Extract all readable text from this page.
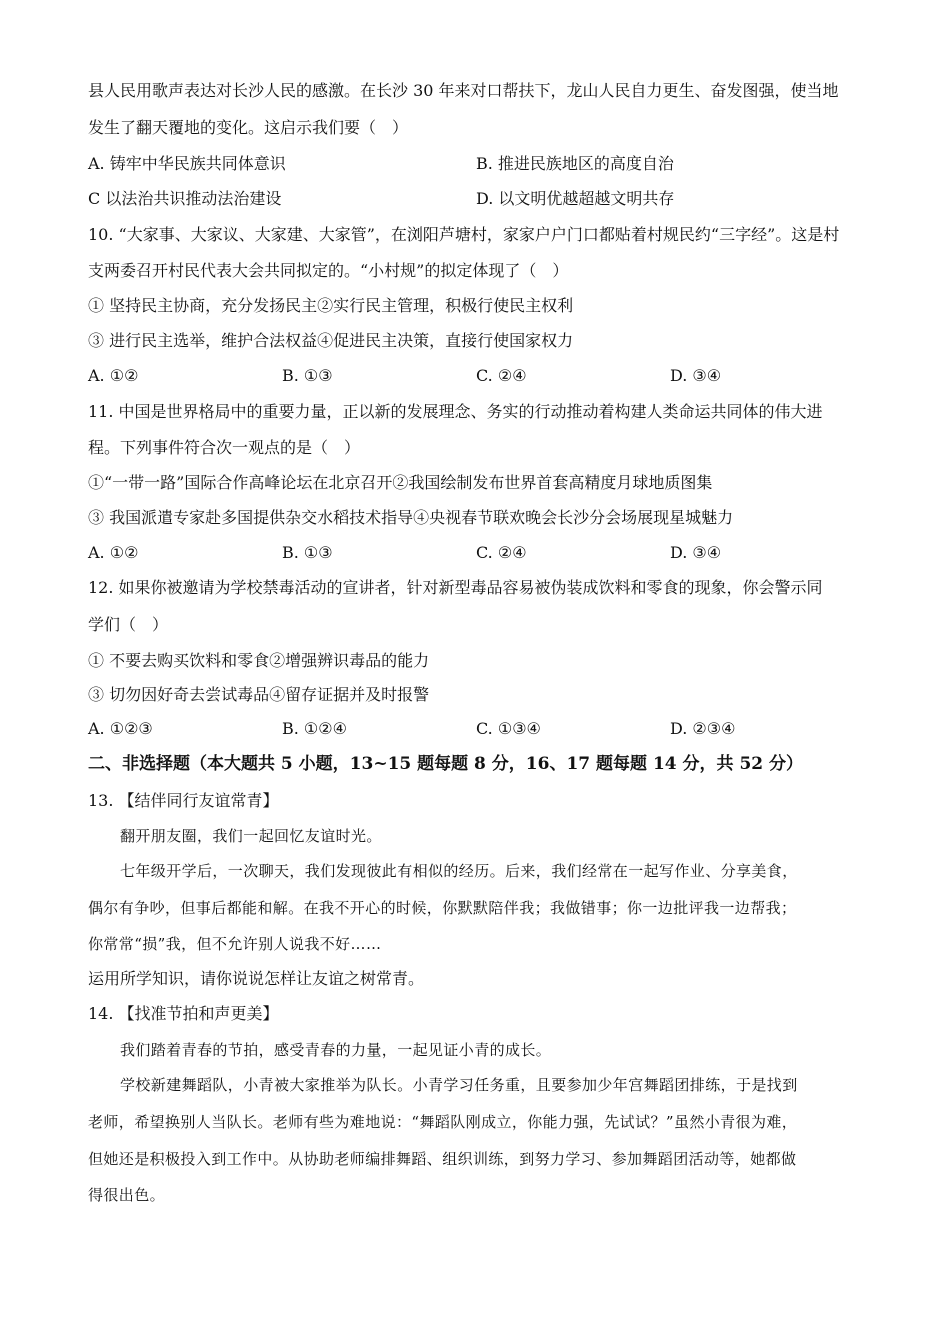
县人民用歌声表达对长沙人民的感激。在长沙 30 年来对口帮扶下，龙山人民自力更生、奋发图强，使当地
发生了翻天覆地的变化。这启示我们要（　）
A. 铸牢中华民族共同体意识	B. 推进民族地区的高度自治
C 以法治共识推动法治建设	D. 以文明优越超越文明共存
10. “大家事、大家议、大家建、大家管”，在浏阳芦塘村，家家户户门口都贴着村规民约“三字经”。这是村
支两委召开村民代表大会共同拟定的。“小村规”的拟定体现了（　）
① 坚持民主协商，充分发扬民主②实行民主管理，积极行使民主权利
③ 进行民主选举，维护合法权益④促进民主决策，直接行使国家权力
A. ①②	B. ①③	C. ②④	D. ③④
11. 中国是世界格局中的重要力量，正以新的发展理念、务实的行动推动着构建人类命运共同体的伟大进
程。下列事件符合次一观点的是（　）
①“一带一路”国际合作高峰论坛在北京召开②我国绘制发布世界首套高精度月球地质图集
③ 我国派遣专家赴多国提供杂交水稻技术指导④央视春节联欢晚会长沙分会场展现星城魅力
A. ①②	B. ①③	C. ②④	D. ③④
12. 如果你被邀请为学校禁毒活动的宣讲者，针对新型毒品容易被伪装成饮料和零食的现象，你会警示同
学们（　）
① 不要去购买饮料和零食②增强辨识毒品的能力
③ 切勿因好奇去尝试毒品④留存证据并及时报警
A. ①②③	B. ①②④	C. ①③④	D. ②③④
二、非选择题（本大题共 5 小题，13~15 题每题 8 分，16、17 题每题 14 分，共 52 分）
13. 【结伴同行友谊常青】
翻开朋友圈，我们一起回忆友谊时光。
七年级开学后，一次聊天，我们发现彼此有相似的经历。后来，我们经常在一起写作业、分享美食，
偶尔有争吵，但事后都能和解。在我不开心的时候，你默默陪伴我；我做错事；你一边批评我一边帮我；
你常常“损”我，但不允许别人说我不好……
运用所学知识，请你说说怎样让友谊之树常青。
14. 【找准节拍和声更美】
我们踏着青春的节拍，感受青春的力量，一起见证小青的成长。
学校新建舞蹈队，小青被大家推举为队长。小青学习任务重，且要参加少年宫舞蹈团排练，于是找到
老师，希望换别人当队长。老师有些为难地说：“舞蹈队刚成立，你能力强，先试试？”虽然小青很为难，
但她还是积极投入到工作中。从协助老师编排舞蹈、组织训练，到努力学习、参加舞蹈团活动等，她都做
得很出色。
